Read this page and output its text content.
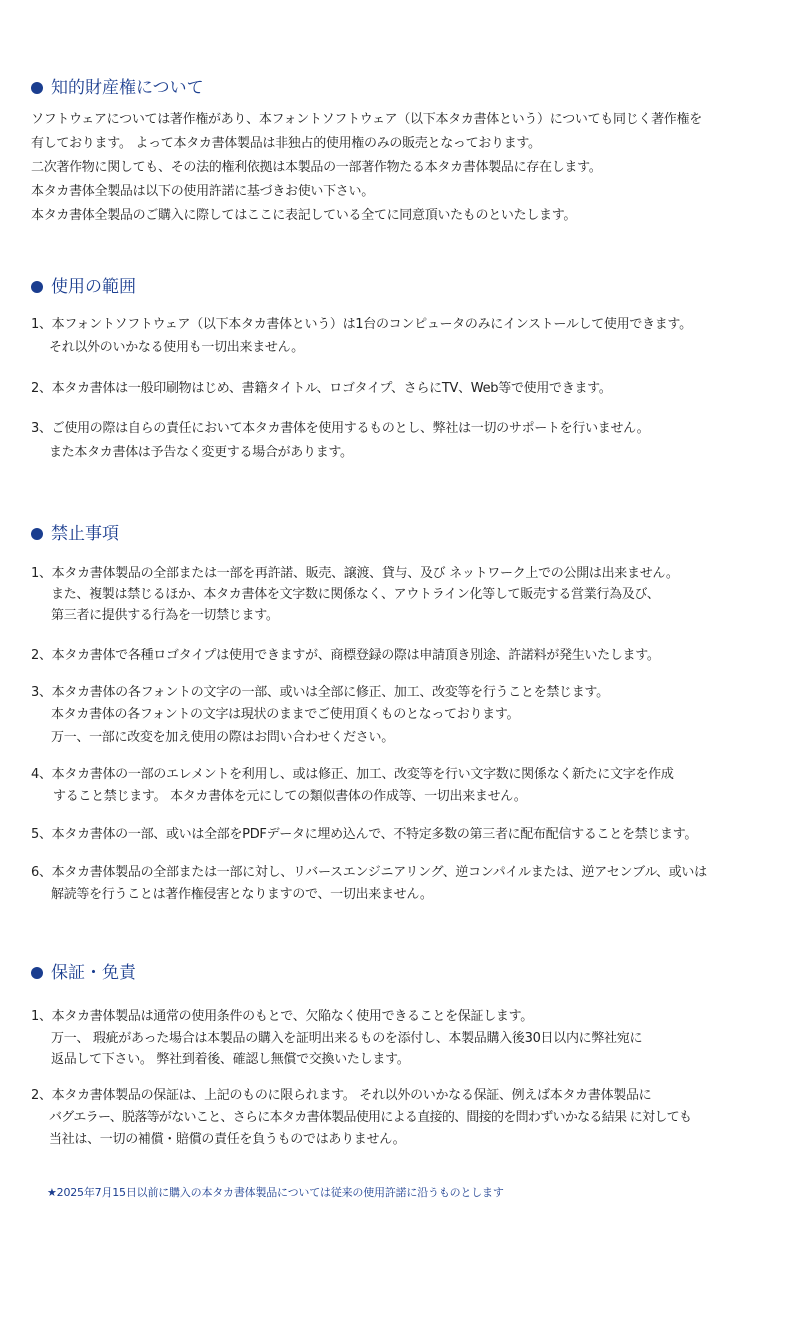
知的財産権について
ソフトウェアについては著作権があり、本フォントソフトウェア（以下本タカ書体という）についても同じく著作権を
有しております。 よって本タカ書体製品は非独占的使用権のみの販売となっております。
二次著作物に関しても、その法的権利依拠は本製品の一部著作物たる本タカ書体製品に存在します。
本タカ書体全製品は以下の使用許諾に基づきお使い下さい。
本タカ書体全製品のご購入に際してはここに表記している全てに同意頂いたものといたします。
使用の範囲
1、本フォントソフトウェア（以下本タカ書体という）は1台のコンピュータのみにインストールして使用できます。
それ以外のいかなる使用も一切出来ません。
2、本タカ書体は一般印刷物はじめ、書籍タイトル、ロゴタイプ、さらにTV、Web等で使用できます。
3、ご使用の際は自らの責任において本タカ書体を使用するものとし、弊社は一切のサポートを行いません。
また本タカ書体は予告なく変更する場合があります。
禁止事項
1、本タカ書体製品の全部または一部を再許諾、販売、譲渡、貸与、及び ネットワーク上での公開は出来ません。
また、複製は禁じるほか、本タカ書体を文字数に関係なく、アウトライン化等して販売する営業行為及び、
第三者に提供する行為を一切禁じます。
2、本タカ書体で各種ロゴタイプは使用できますが、商標登録の際は申請頂き別途、許諾料が発生いたします。
3、本タカ書体の各フォントの文字の一部、或いは全部に修正、加工、改変等を行うことを禁じます。
本タカ書体の各フォントの文字は現状のままでご使用頂くものとなっております。
万一、一部に改変を加え使用の際はお問い合わせください。
4、本タカ書体の一部のエレメントを利用し、或は修正、加工、改変等を行い文字数に関係なく新たに文字を作成
すること禁じます。 本タカ書体を元にしての類似書体の作成等、一切出来ません。
5、本タカ書体の一部、或いは全部をPDFデータに埋め込んで、不特定多数の第三者に配布配信することを禁じます。
6、本タカ書体製品の全部または一部に対し、リバースエンジニアリング、逆コンパイルまたは、逆アセンブル、或いは
解読等を行うことは著作権侵害となりますので、一切出来ません。
保証・免責
1、本タカ書体製品は通常の使用条件のもとで、欠陥なく使用できることを保証します。
万一、 瑕疵があった場合は本製品の購入を証明出来るものを添付し、本製品購入後30日以内に弊社宛に
返品して下さい。 弊社到着後、確認し無償で交換いたします。
2、本タカ書体製品の保証は、上記のものに限られます。 それ以外のいかなる保証、例えば本タカ書体製品に
バグエラー、脱落等がないこと、さらに本タカ書体製品使用による直接的、間接的を問わずいかなる結果 に対しても
当社は、一切の補償・賠償の責任を負うものではありません。
★2025年7月15日以前に購入の本タカ書体製品については従来の使用許諾に沿うものとします
